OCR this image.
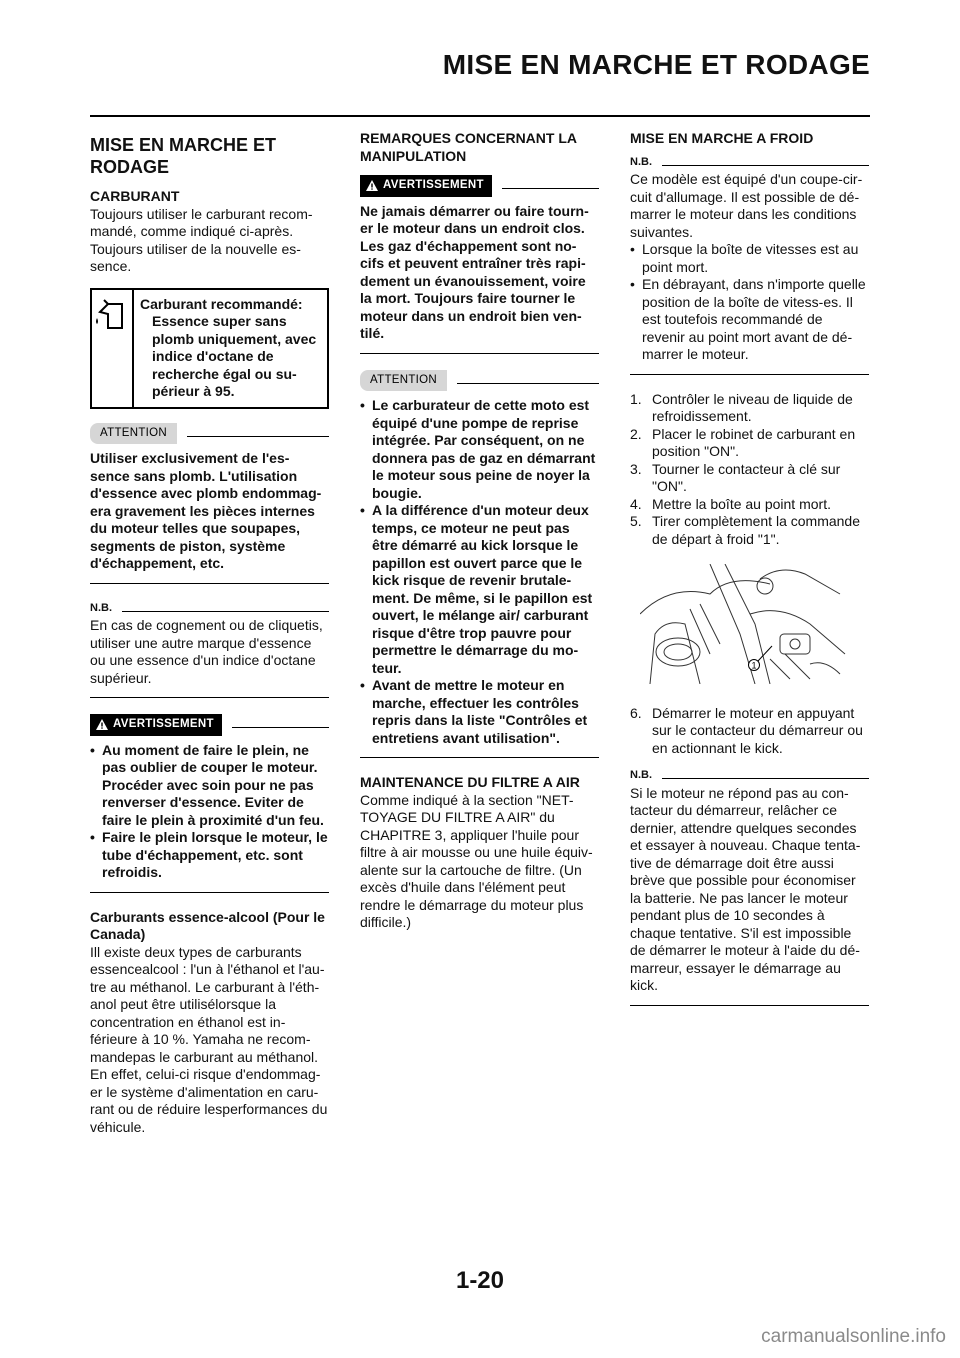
MISE EN MARCHE ET RODAGE
MISE EN MARCHE ET RODAGE
CARBURANT

Toujours utiliser le carburant recom-mandé, comme indiqué ci-après. Toujours utiliser de la nouvelle es-sence.

Carburant recommandé:
Essence super sans plomb uniquement, avec indice d'octane de recherche égal ou su-périeur à 95.
ATTENTION

Utiliser exclusivement de l'es-sence sans plomb. L'utilisation d'essence avec plomb endommag-era gravement les pièces internes du moteur telles que soupapes, segments de piston, système d'échappement, etc.

N.B.

En cas de cognement ou de cliquetis, utiliser une autre marque d'essence ou une essence d'un indice d'octane supérieur.

AVERTISSEMENT
• Au moment de faire le plein, ne pas oublier de couper le moteur. Procéder avec soin pour ne pas renverser d'essence. Eviter de faire le plein à proximité d'un feu.
• Faire le plein lorsque le moteur, le tube d'échappement, etc. sont refroidis.
Carburants essence-alcool (Pour le Canada)

Ill existe deux types de carburants essencealcool : l'un à l'éthanol et l'au-tre au méthanol. Le carburant à l'éth-anol peut être utilisélorsque la concentration en éthanol est in-férieure à 10 %. Yamaha ne recom-mandepas le carburant au méthanol. En effet, celui-ci risque d'endommag-er le système d'alimentation en caru-rant ou de réduire lesperformances du véhicule.

REMARQUES CONCERNANT LA MANIPULATION
AVERTISSEMENT

Ne jamais démarrer ou faire tourn-er le moteur dans un endroit clos. Les gaz d'échappement sont no-cifs et peuvent entraîner très rapi-dement un évanouissement, voire la mort. Toujours faire tourner le moteur dans un endroit bien ven-tilé.

ATTENTION
• Le carburateur de cette moto est équipé d'une pompe de reprise intégrée. Par conséquent, on ne donnera pas de gaz en démarrant le moteur sous peine de noyer la bougie.
• A la différence d'un moteur deux temps, ce moteur ne peut pas être démarré au kick lorsque le papillon est ouvert parce que le kick risque de revenir brutale-ment. De même, si le papillon est ouvert, le mélange air/ carburant risque d'être trop pauvre pour permettre le démarrage du mo-teur.
• Avant de mettre le moteur en marche, effectuer les contrôles repris dans la liste "Contrôles et entretiens avant utilisation".
MAINTENANCE DU FILTRE A AIR

Comme indiqué à la section "NET-TOYAGE DU FILTRE A AIR" du CHAPITRE 3, appliquer l'huile pour filtre à air mousse ou une huile équiv-alente sur la cartouche de filtre. (Un excès d'huile dans l'élément peut rendre le démarrage du moteur plus difficile.)

MISE EN MARCHE A FROID
N.B.

Ce modèle est équipé d'un coupe-cir-cuit d'allumage. Il est possible de dé-marrer le moteur dans les conditions suivantes.

• Lorsque la boîte de vitesses est au point mort.
• En débrayant, dans n'importe quelle position de la boîte de vitess-es. Il est toutefois recommandé de revenir au point mort avant de dé-marrer le moteur.
1. Contrôler le niveau de liquide de refroidissement.
2. Placer le robinet de carburant en position "ON".
3. Tourner le contacteur à clé sur "ON".
4. Mettre la boîte au point mort.
5. Tirer complètement la commande de départ à froid "1".
1
6. Démarrer le moteur en appuyant sur le contacteur du démarreur ou en actionnant le kick.
N.B.

Si le moteur ne répond pas au con-tacteur du démarreur, relâcher ce dernier, attendre quelques secondes et essayer à nouveau. Chaque tenta-tive de démarrage doit être aussi brève que possible pour économiser la batterie. Ne pas lancer le moteur pendant plus de 10 secondes à chaque tentative. S'il est impossible de démarrer le moteur à l'aide du dé-marreur, essayer le démarrage au kick.

1-20
carmanualsonline.info
